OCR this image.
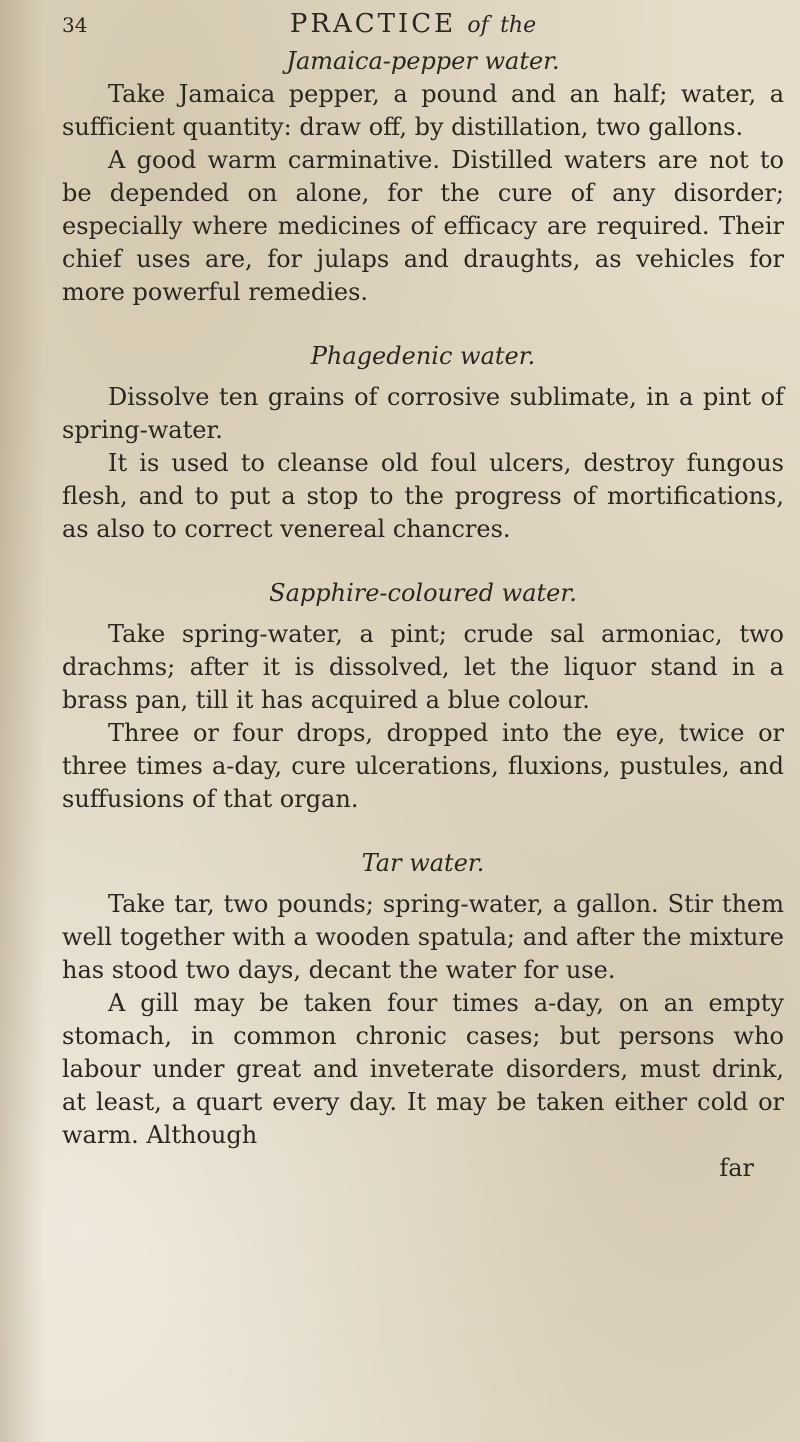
34	PRACTICE of the

Jamaica-pepper water.

Take Jamaica pepper, a pound and an half; water, a sufficient quantity: draw off, by distillation, two gallons.

A good warm carminative. Distilled waters are not to be depended on alone, for the cure of any disorder; especially where medicines of efficacy are required. Their chief uses are, for julaps and draughts, as vehicles for more powerful remedies.

Phagedenic water.

Dissolve ten grains of corrosive sublimate, in a pint of spring-water.

It is used to cleanse old foul ulcers, destroy fungous flesh, and to put a stop to the progress of mortifications, as also to correct venereal chancres.

Sapphire-coloured water.

Take spring-water, a pint; crude sal armoniac, two drachms; after it is dissolved, let the liquor stand in a brass pan, till it has acquired a blue colour.

Three or four drops, dropped into the eye, twice or three times a-day, cure ulcerations, fluxions, pustules, and suffusions of that organ.

Tar water.

Take tar, two pounds; spring-water, a gallon. Stir them well together with a wooden spatula; and after the mixture has stood two days, decant the water for use.

A gill may be taken four times a-day, on an empty stomach, in common chronic cases; but persons who labour under great and inveterate disorders, must drink, at least, a quart every day. It may be taken either cold or warm. Although

far
